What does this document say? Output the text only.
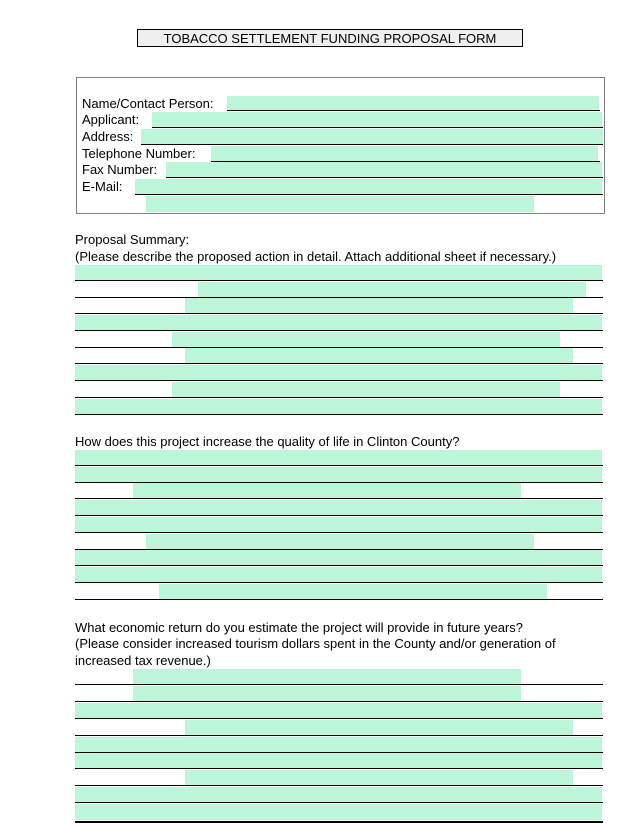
TOBACCO SETTLEMENT FUNDING PROPOSAL FORM
Name/Contact Person:
Applicant:
Address:
Telephone Number:
Fax Number:
E-Mail:
Proposal Summary:
(Please describe the proposed action in detail. Attach additional sheet if necessary.)
How does this project increase the quality of life in Clinton County?
What economic return do you estimate the project will provide in future years?
(Please consider increased tourism dollars spent in the County and/or generation of
increased tax revenue.)
